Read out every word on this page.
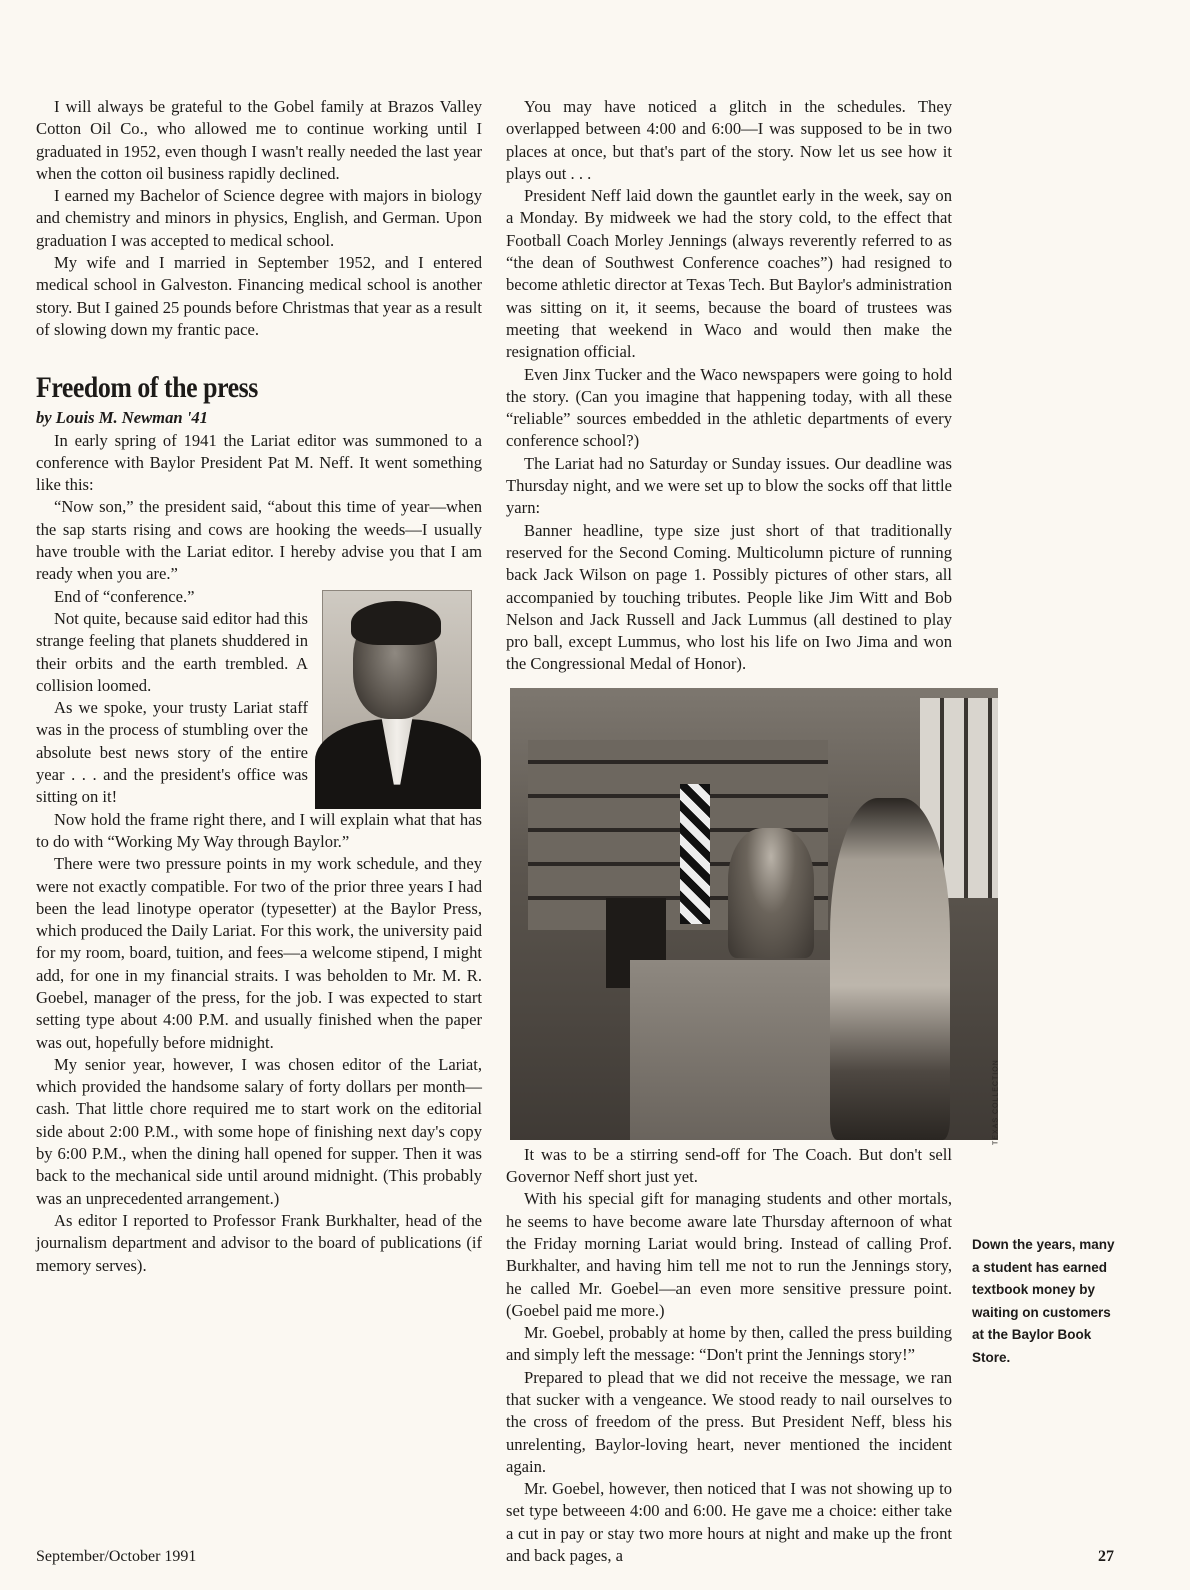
I will always be grateful to the Gobel family at Brazos Valley Cotton Oil Co., who allowed me to continue working until I graduated in 1952, even though I wasn't really needed the last year when the cotton oil business rapidly declined.

I earned my Bachelor of Science degree with majors in biology and chemistry and minors in physics, English, and German. Upon graduation I was accepted to medical school.

My wife and I married in September 1952, and I entered medical school in Galveston. Financing medical school is another story. But I gained 25 pounds before Christmas that year as a result of slowing down my frantic pace.

Freedom of the press

by Louis M. Newman '41

In early spring of 1941 the Lariat editor was summoned to a conference with Baylor President Pat M. Neff. It went something like this:

“Now son,” the president said, “about this time of year—when the sap starts rising and cows are hooking the weeds—I usually have trouble with the Lariat editor. I hereby advise you that I am ready when you are.”

End of “conference.”

Not quite, because said editor had this strange feeling that planets shuddered in their orbits and the earth trembled. A collision loomed.

As we spoke, your trusty Lariat staff was in the process of stumbling over the absolute best news story of the entire year . . . and the president's office was sitting on it!

Now hold the frame right there, and I will explain what that has to do with “Working My Way through Baylor.”

There were two pressure points in my work schedule, and they were not exactly compatible. For two of the prior three years I had been the lead linotype operator (typesetter) at the Baylor Press, which produced the Daily Lariat. For this work, the university paid for my room, board, tuition, and fees—a welcome stipend, I might add, for one in my financial straits. I was beholden to Mr. M. R. Goebel, manager of the press, for the job. I was expected to start setting type about 4:00 P.M. and usually finished when the paper was out, hopefully before midnight.

My senior year, however, I was chosen editor of the Lariat, which provided the handsome salary of forty dollars per month—cash. That little chore required me to start work on the editorial side about 2:00 P.M., with some hope of finishing next day's copy by 6:00 P.M., when the dining hall opened for supper. Then it was back to the mechanical side until around midnight. (This probably was an unprecedented arrangement.)

As editor I reported to Professor Frank Burkhalter, head of the journalism department and advisor to the board of publications (if memory serves).

You may have noticed a glitch in the schedules. They overlapped between 4:00 and 6:00—I was supposed to be in two places at once, but that's part of the story. Now let us see how it plays out . . .

President Neff laid down the gauntlet early in the week, say on a Monday. By midweek we had the story cold, to the effect that Football Coach Morley Jennings (always reverently referred to as “the dean of Southwest Conference coaches”) had resigned to become athletic director at Texas Tech. But Baylor's administration was sitting on it, it seems, because the board of trustees was meeting that weekend in Waco and would then make the resignation official.

Even Jinx Tucker and the Waco newspapers were going to hold the story. (Can you imagine that happening today, with all these “reliable” sources embedded in the athletic departments of every conference school?)

The Lariat had no Saturday or Sunday issues. Our deadline was Thursday night, and we were set up to blow the socks off that little yarn:

Banner headline, type size just short of that traditionally reserved for the Second Coming. Multicolumn picture of running back Jack Wilson on page 1. Possibly pictures of other stars, all accompanied by touching tributes. People like Jim Witt and Bob Nelson and Jack Russell and Jack Lummus (all destined to play pro ball, except Lummus, who lost his life on Iwo Jima and won the Congressional Medal of Honor).

TEXAS COLLECTION

It was to be a stirring send-off for The Coach. But don't sell Governor Neff short just yet.

With his special gift for managing students and other mortals, he seems to have become aware late Thursday afternoon of what the Friday morning Lariat would bring. Instead of calling Prof. Burkhalter, and having him tell me not to run the Jennings story, he called Mr. Goebel—an even more sensitive pressure point. (Goebel paid me more.)

Mr. Goebel, probably at home by then, called the press building and simply left the message: “Don't print the Jennings story!”

Prepared to plead that we did not receive the message, we ran that sucker with a vengeance. We stood ready to nail ourselves to the cross of freedom of the press. But President Neff, bless his unrelenting, Baylor-loving heart, never mentioned the incident again.

Mr. Goebel, however, then noticed that I was not showing up to set type betweeen 4:00 and 6:00. He gave me a choice: either take a cut in pay or stay two more hours at night and make up the front and back pages, a

Down the years, many a student has earned textbook money by waiting on customers at the Baylor Book Store.

September/October 1991	27
